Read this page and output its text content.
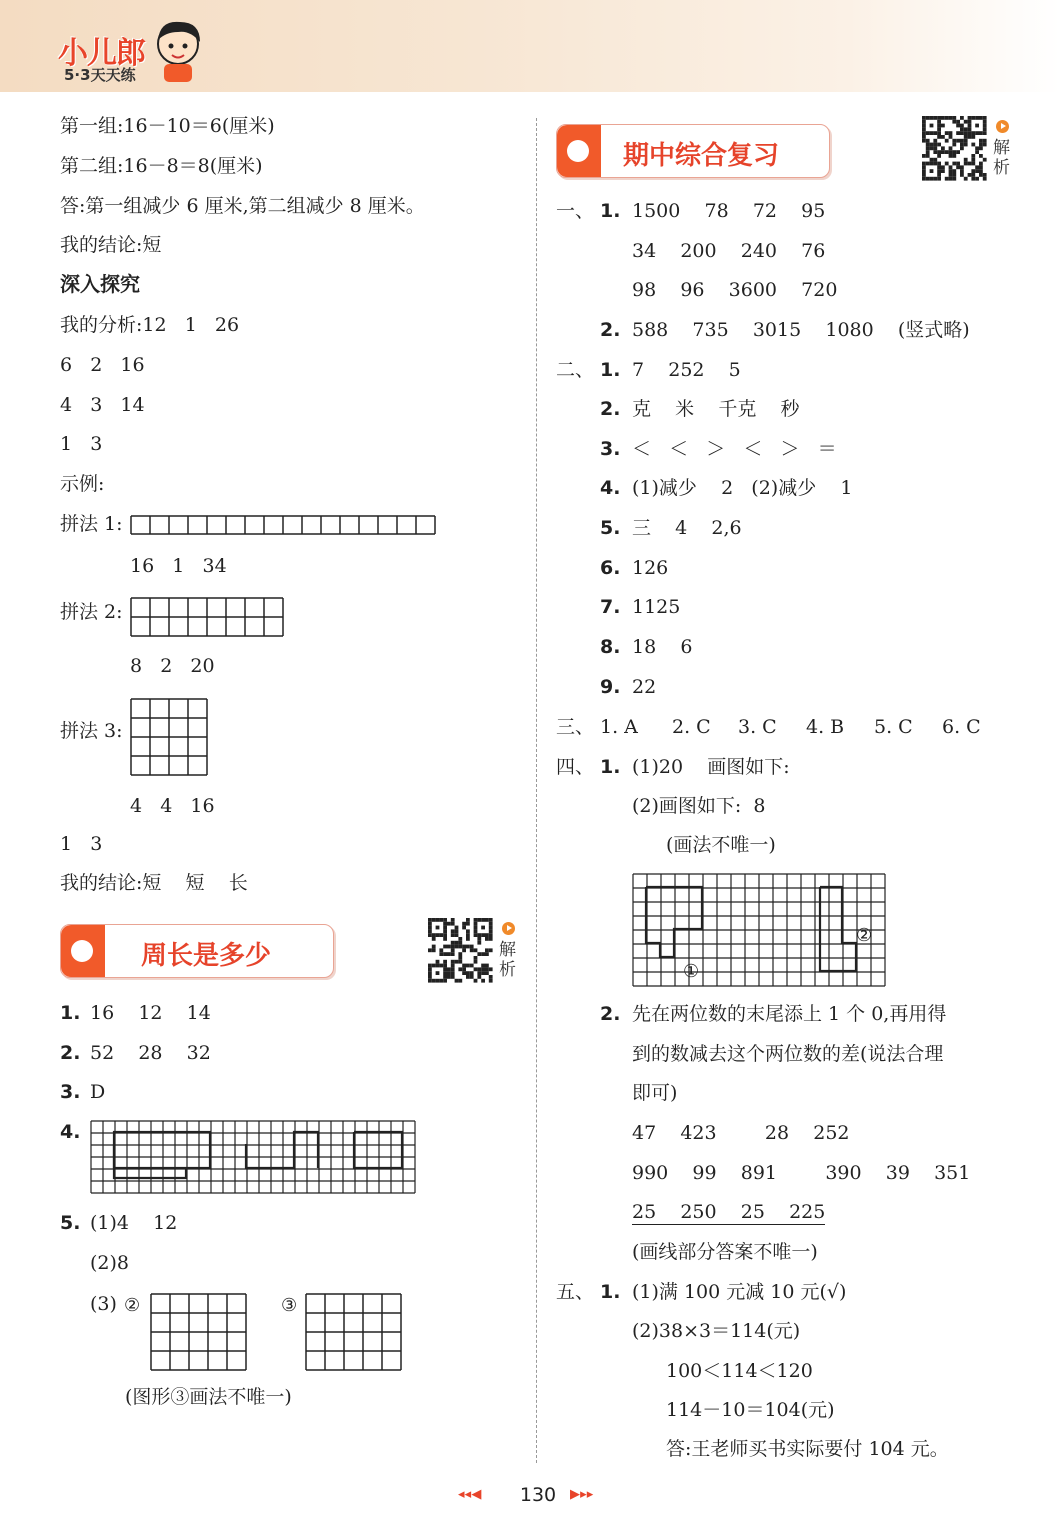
小儿郎
5·3天天练
第一组:16－10＝6(厘米)
第二组:16－8＝8(厘米)
答:第一组减少 6 厘米,第二组减少 8 厘米。
我的结论:短
深入探究
我的分析:12   1   26
6   2   16
4   3   14
1   3
示例:
拼法 1:
16   1   34
拼法 2:
8   2   20
拼法 3:
4   4   16
1   3
我的结论:短    短    长
周长是多少	解析
1. 16    12    14
2. 52    28    32
3. D
4.
5. (1)4    12
(2)8
(3) ②	③
(图形③画法不唯一)
期中综合复习	解析
一、 1. 1500    78    72    95
34    200    240    76
98    96    3600    720
2. 588    735    3015    1080    (竖式略)
二、 1. 7    252    5
2. 克    米    千克    秒
3. ＜   ＜   ＞   ＜   ＞   ＝
4. (1)减少    2   (2)减少    1
5. 三    4    2,6
6. 126
7. 1125
8. 18    6
9. 22
三、 1. A 2. C 3. C 4. B 5. C 6. C
四、 1. (1)20    画图如下:
(2)画图如下:  8
(画法不唯一)
①
②
2. 先在两位数的末尾添上 1 个 0,再用得
到的数减去这个两位数的差(说法合理
即可)
47    423        28    252
990    99    891        390    39    351
25    250    25    225
(画线部分答案不唯一)
五、 1. (1)满 100 元减 10 元(√)
(2)38×3＝114(元)
100＜114＜120
114－10＝104(元)
答:王老师买书实际要付 104 元。
◂ ◂ ◀	130	▶ ▸ ▸
